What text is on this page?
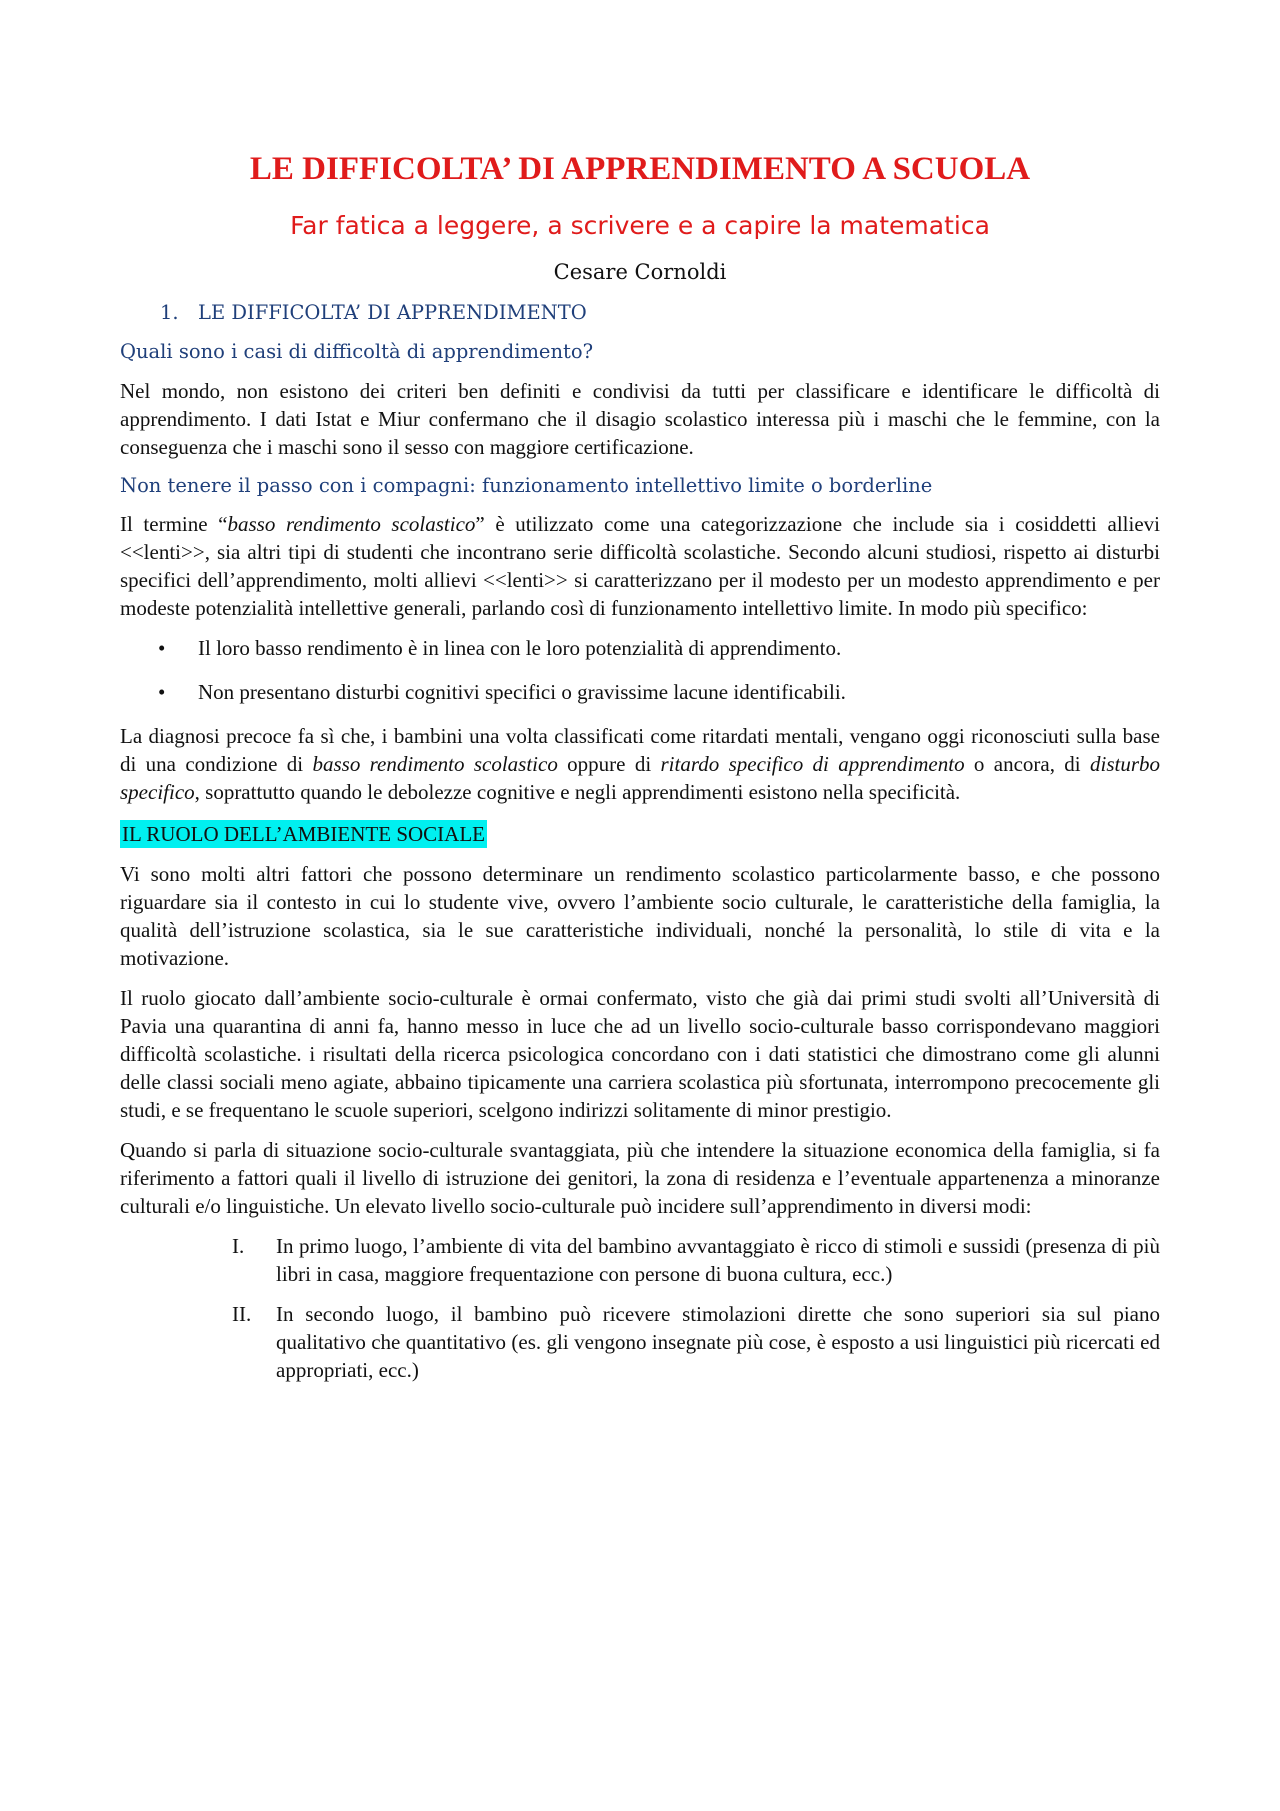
LE DIFFICOLTA’ DI APPRENDIMENTO A SCUOLA
Far fatica a leggere, a scrivere e a capire la matematica
Cesare Cornoldi
1. LE DIFFICOLTA’ DI APPRENDIMENTO
Quali sono i casi di difficoltà di apprendimento?

Nel mondo, non esistono dei criteri ben definiti e condivisi da tutti per classificare e identificare le difficoltà di apprendimento. I dati Istat e Miur confermano che il disagio scolastico interessa più i maschi che le femmine, con la conseguenza che i maschi sono il sesso con maggiore certificazione.

Non tenere il passo con i compagni: funzionamento intellettivo limite o borderline

Il termine “basso rendimento scolastico” è utilizzato come una categorizzazione che include sia i cosiddetti allievi <<lenti>>, sia altri tipi di studenti che incontrano serie difficoltà scolastiche. Secondo alcuni studiosi, rispetto ai disturbi specifici dell’apprendimento, molti allievi <<lenti>> si caratterizzano per il modesto per un modesto apprendimento e per modeste potenzialità intellettive generali, parlando così di funzionamento intellettivo limite. In modo più specifico:

• Il loro basso rendimento è in linea con le loro potenzialità di apprendimento.
• Non presentano disturbi cognitivi specifici o gravissime lacune identificabili.

La diagnosi precoce fa sì che, i bambini una volta classificati come ritardati mentali, vengano oggi riconosciuti sulla base di una condizione di basso rendimento scolastico oppure di ritardo specifico di apprendimento o ancora, di disturbo specifico, soprattutto quando le debolezze cognitive e negli apprendimenti esistono nella specificità.

IL RUOLO DELL’AMBIENTE SOCIALE

Vi sono molti altri fattori che possono determinare un rendimento scolastico particolarmente basso, e che possono riguardare sia il contesto in cui lo studente vive, ovvero l’ambiente socio culturale, le caratteristiche della famiglia, la qualità dell’istruzione scolastica, sia le sue caratteristiche individuali, nonché la personalità, lo stile di vita e la motivazione.

Il ruolo giocato dall’ambiente socio-culturale è ormai confermato, visto che già dai primi studi svolti all’Università di Pavia una quarantina di anni fa, hanno messo in luce che ad un livello socio-culturale basso corrispondevano maggiori difficoltà scolastiche. i risultati della ricerca psicologica concordano con i dati statistici che dimostrano come gli alunni delle classi sociali meno agiate, abbaino tipicamente una carriera scolastica più sfortunata, interrompono precocemente gli studi, e se frequentano le scuole superiori, scelgono indirizzi solitamente di minor prestigio.

Quando si parla di situazione socio-culturale svantaggiata, più che intendere la situazione economica della famiglia, si fa riferimento a fattori quali il livello di istruzione dei genitori, la zona di residenza e l’eventuale appartenenza a minoranze culturali e/o linguistiche. Un elevato livello socio-culturale può incidere sull’apprendimento in diversi modi:

I. In primo luogo, l’ambiente di vita del bambino avvantaggiato è ricco di stimoli e sussidi (presenza di più libri in casa, maggiore frequentazione con persone di buona cultura, ecc.)
II. In secondo luogo, il bambino può ricevere stimolazioni dirette che sono superiori sia sul piano qualitativo che quantitativo (es. gli vengono insegnate più cose, è esposto a usi linguistici più ricercati ed appropriati, ecc.)
